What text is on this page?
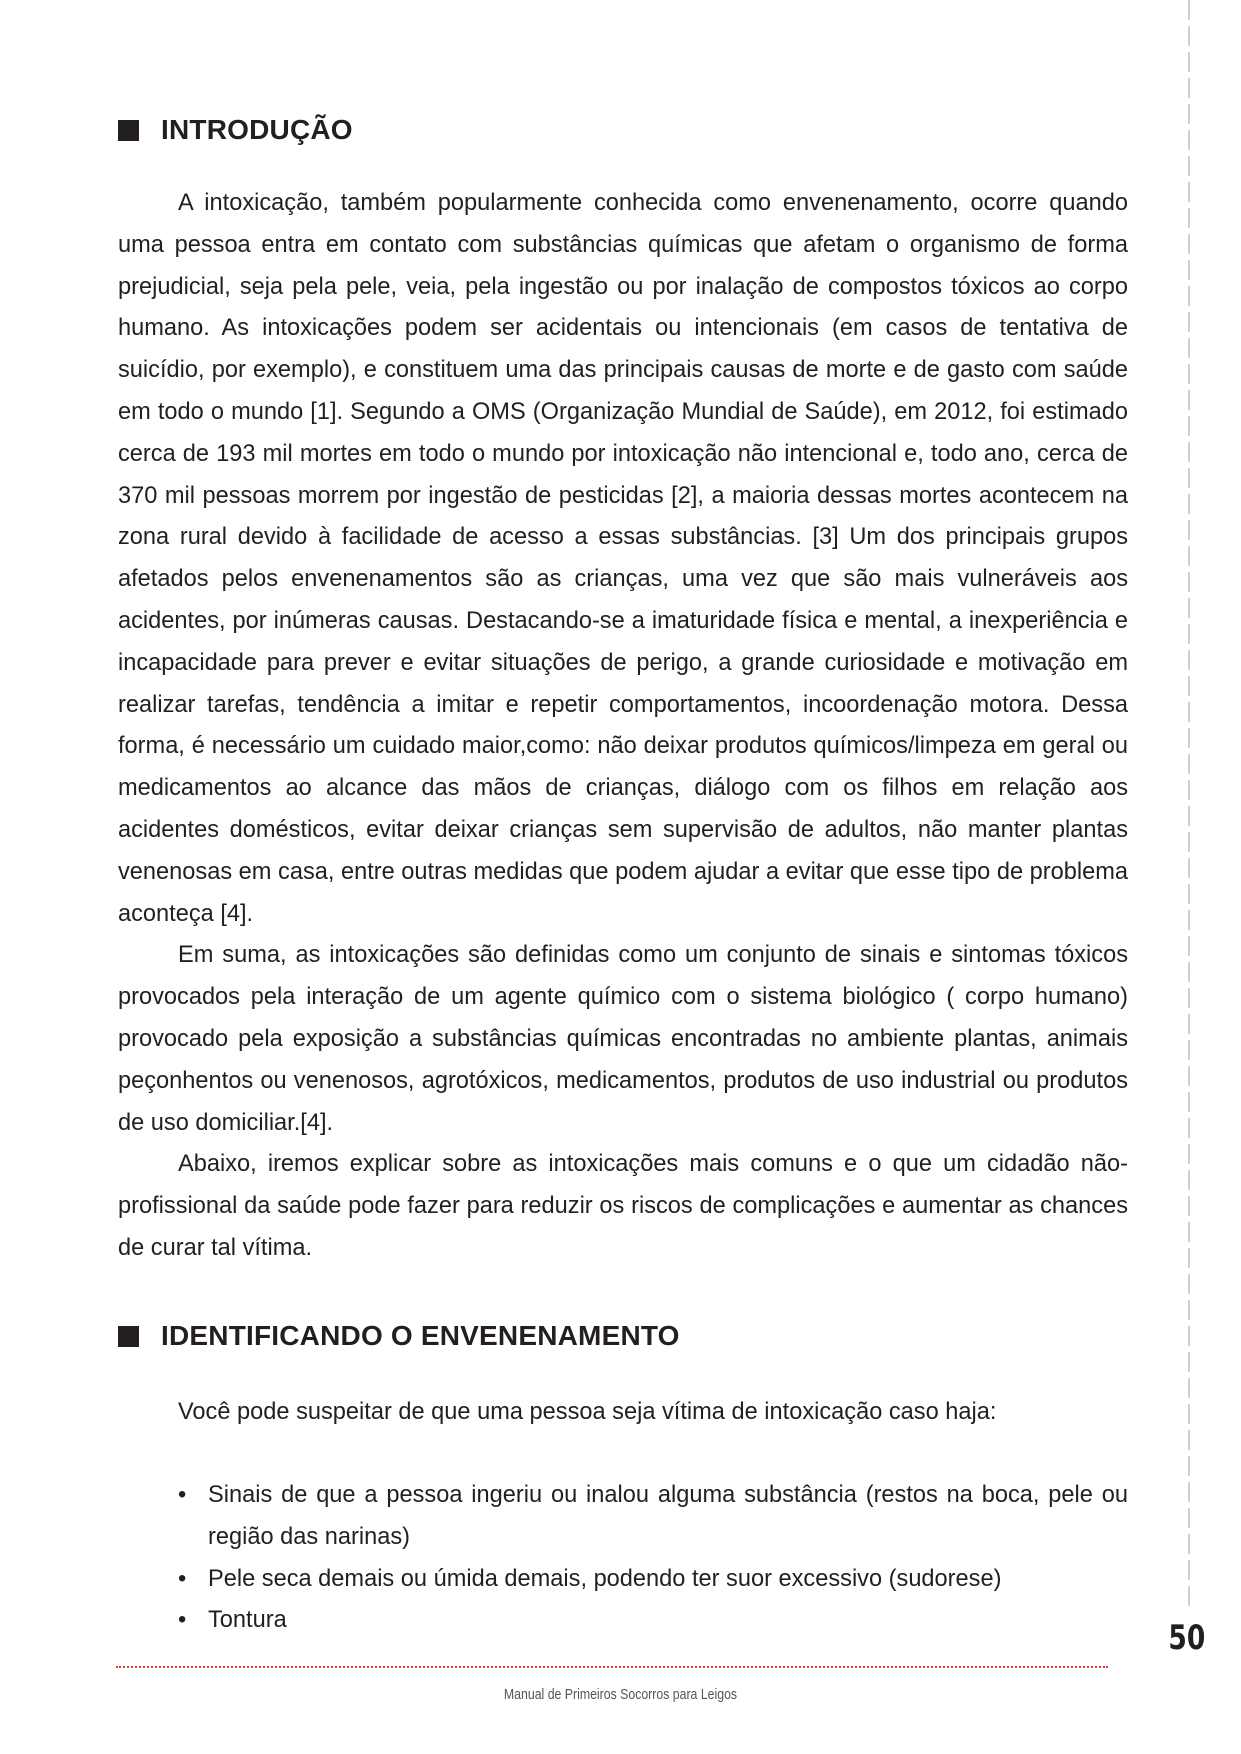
INTRODUÇÃO

A intoxicação, também popularmente conhecida como envenenamento, ocorre quando uma pessoa entra em contato com substâncias químicas que afetam o organismo de forma prejudicial, seja pela pele, veia, pela ingestão ou por inalação de compostos tóxicos ao corpo humano. As intoxicações podem ser acidentais ou intencionais (em casos de tentativa de suicídio, por exemplo), e constituem uma das principais causas de morte e de gasto com saúde em todo o mundo [1]. Segundo a OMS (Organização Mundial de Saúde), em 2012, foi estimado cerca de 193 mil mortes em todo o mundo por intoxicação não intencional e, todo ano, cerca de 370 mil pessoas morrem por ingestão de pesticidas [2], a maioria dessas mortes acontecem na zona rural devido à facilidade de acesso a essas substâncias. [3] Um dos principais grupos afetados pelos envenenamentos são as crianças, uma vez que são mais vulneráveis aos acidentes, por inúmeras causas. Destacando-se a imaturidade física e mental, a inexperiência e incapacidade para prever e evitar situações de perigo, a grande curiosidade e motivação em realizar tarefas, tendência a imitar e repetir comportamentos, incoordenação motora. Dessa forma, é necessário um cuidado maior,como: não deixar produtos químicos/limpeza em geral ou medicamentos ao alcance das mãos de crianças, diálogo com os filhos em relação aos acidentes domésticos, evitar deixar crianças sem supervisão de adultos, não manter plantas venenosas em casa, entre outras medidas que podem ajudar a evitar que esse tipo de problema aconteça [4].

Em suma, as intoxicações são definidas como um conjunto de sinais e sintomas tóxicos provocados pela interação de um agente químico com o sistema biológico ( corpo humano) provocado pela exposição a substâncias químicas encontradas no ambiente plantas, animais peçonhentos ou venenosos, agrotóxicos, medicamentos, produtos de uso industrial ou produtos de uso domiciliar.[4].

Abaixo, iremos explicar sobre as intoxicações mais comuns e o que um cidadão não-profissional da saúde pode fazer para reduzir os riscos de complicações e aumentar as chances de curar tal vítima.

IDENTIFICANDO O ENVENENAMENTO
Você pode suspeitar de que uma pessoa seja vítima de intoxicação caso haja:
• Sinais de que a pessoa ingeriu ou inalou alguma substância (restos na boca, pele ou região das narinas)
• Pele seca demais ou úmida demais, podendo ter suor excessivo (sudorese)
• Tontura	50
Manual de Primeiros Socorros para Leigos
